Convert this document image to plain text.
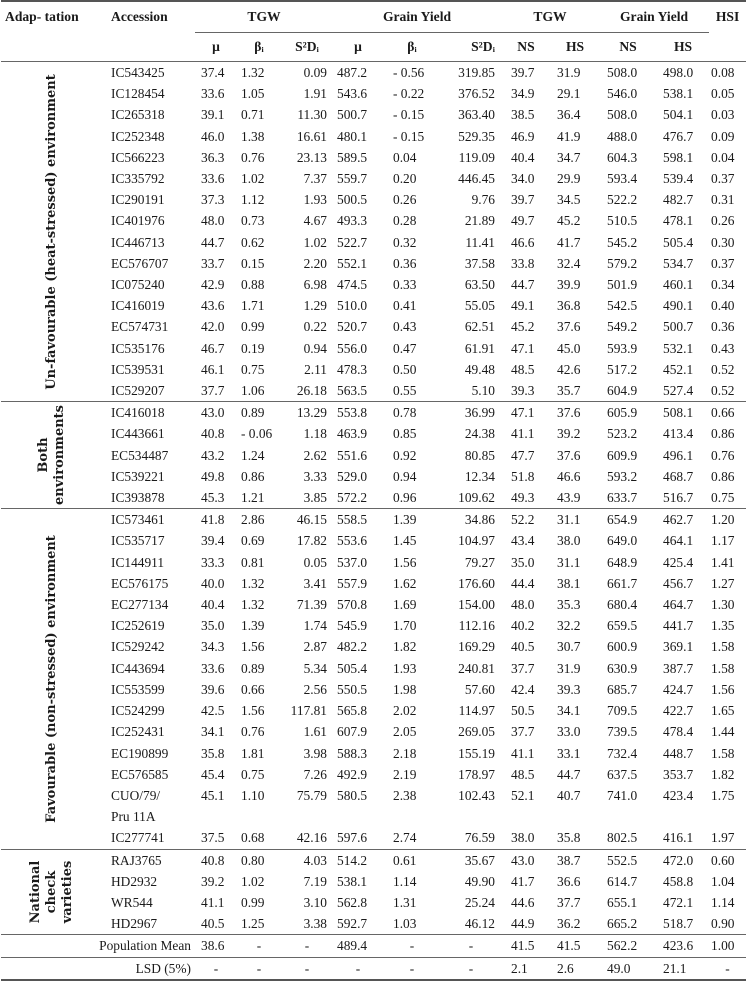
Adap- tation	Accession	TGW			Grain Yield			TGW		Grain Yield		HSI
		μ	βᵢ	S²Dᵢ	μ	βᵢ	S²Dᵢ	NS	HS	NS	HS	

Un-favourable (heat-stressed) environment	IC543425	37.4	1.32	0.09	487.2	- 0.56	319.85	39.7	31.9	508.0	498.0	0.08
	IC128454	33.6	1.05	1.91	543.6	- 0.22	376.52	34.9	29.1	546.0	538.1	0.05
	IC265318	39.1	0.71	11.30	500.7	- 0.15	363.40	38.5	36.4	508.0	504.1	0.03
	IC252348	46.0	1.38	16.61	480.1	- 0.15	529.35	46.9	41.9	488.0	476.7	0.09
	IC566223	36.3	0.76	23.13	589.5	0.04	119.09	40.4	34.7	604.3	598.1	0.04
	IC335792	33.6	1.02	7.37	559.7	0.20	446.45	34.0	29.9	593.4	539.4	0.37
	IC290191	37.3	1.12	1.93	500.5	0.26	9.76	39.7	34.5	522.2	482.7	0.31
	IC401976	48.0	0.73	4.67	493.3	0.28	21.89	49.7	45.2	510.5	478.1	0.26
	IC446713	44.7	0.62	1.02	522.7	0.32	11.41	46.6	41.7	545.2	505.4	0.30
	EC576707	33.7	0.15	2.20	552.1	0.36	37.58	33.8	32.4	579.2	534.7	0.37
	IC075240	42.9	0.88	6.98	474.5	0.33	63.50	44.7	39.9	501.9	460.1	0.34
	IC416019	43.6	1.71	1.29	510.0	0.41	55.05	49.1	36.8	542.5	490.1	0.40
	EC574731	42.0	0.99	0.22	520.7	0.43	62.51	45.2	37.6	549.2	500.7	0.36
	IC535176	46.7	0.19	0.94	556.0	0.47	61.91	47.1	45.0	593.9	532.1	0.43
	IC539531	46.1	0.75	2.11	478.3	0.50	49.48	48.5	42.6	517.2	452.1	0.52
	IC529207	37.7	1.06	26.18	563.5	0.55	5.10	39.3	35.7	604.9	527.4	0.52

Both environments	IC416018	43.0	0.89	13.29	553.8	0.78	36.99	47.1	37.6	605.9	508.1	0.66
	IC443661	40.8	- 0.06	1.18	463.9	0.85	24.38	41.1	39.2	523.2	413.4	0.86
	EC534487	43.2	1.24	2.62	551.6	0.92	80.85	47.7	37.6	609.9	496.1	0.76
	IC539221	49.8	0.86	3.33	529.0	0.94	12.34	51.8	46.6	593.2	468.7	0.86
	IC393878	45.3	1.21	3.85	572.2	0.96	109.62	49.3	43.9	633.7	516.7	0.75

Favourable (non-stressed) environment	IC573461	41.8	2.86	46.15	558.5	1.39	34.86	52.2	31.1	654.9	462.7	1.20
	IC535717	39.4	0.69	17.82	553.6	1.45	104.97	43.4	38.0	649.0	464.1	1.17
	IC144911	33.3	0.81	0.05	537.0	1.56	79.27	35.0	31.1	648.9	425.4	1.41
	EC576175	40.0	1.32	3.41	557.9	1.62	176.60	44.4	38.1	661.7	456.7	1.27
	EC277134	40.4	1.32	71.39	570.8	1.69	154.00	48.0	35.3	680.4	464.7	1.30
	IC252619	35.0	1.39	1.74	545.9	1.70	112.16	40.2	32.2	659.5	441.7	1.35
	IC529242	34.3	1.56	2.87	482.2	1.82	169.29	40.5	30.7	600.9	369.1	1.58
	IC443694	33.6	0.89	5.34	505.4	1.93	240.81	37.7	31.9	630.9	387.7	1.58
	IC553599	39.6	0.66	2.56	550.5	1.98	57.60	42.4	39.3	685.7	424.7	1.56
	IC524299	42.5	1.56	117.81	565.8	2.02	114.97	50.5	34.1	709.5	422.7	1.65
	IC252431	34.1	0.76	1.61	607.9	2.05	269.05	37.7	33.0	739.5	478.4	1.44
	EC190899	35.8	1.81	3.98	588.3	2.18	155.19	41.1	33.1	732.4	448.7	1.58
	EC576585	45.4	0.75	7.26	492.9	2.19	178.97	48.5	44.7	637.5	353.7	1.82
	CUO/79/	45.1	1.10	75.79	580.5	2.38	102.43	52.1	40.7	741.0	423.4	1.75
	Pru 11A											
	IC277741	37.5	0.68	42.16	597.6	2.74	76.59	38.0	35.8	802.5	416.1	1.97

National check varieties	RAJ3765	40.8	0.80	4.03	514.2	0.61	35.67	43.0	38.7	552.5	472.0	0.60
	HD2932	39.2	1.02	7.19	538.1	1.14	49.90	41.7	36.6	614.7	458.8	1.04
	WR544	41.1	0.99	3.10	562.8	1.31	25.24	44.6	37.7	655.1	472.1	1.14
	HD2967	40.5	1.25	3.38	592.7	1.03	46.12	44.9	36.2	665.2	518.7	0.90
Population Mean		38.6	-	-	489.4	-	-	41.5	41.5	562.2	423.6	1.00
LSD (5%)		-	-	-	-	-	-	2.1	2.6	49.0	21.1	-
